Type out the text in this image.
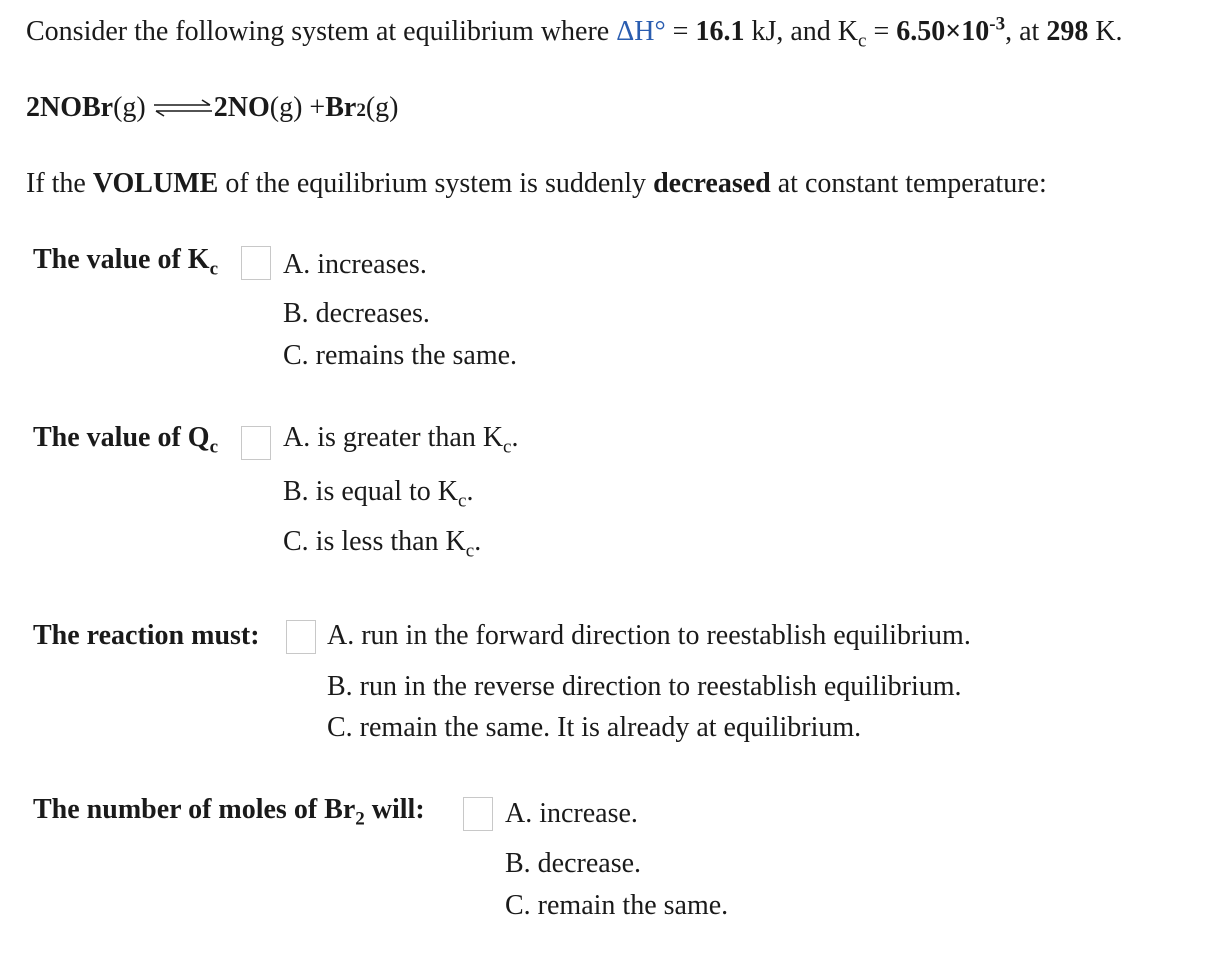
Consider the following system at equilibrium where ΔH° = 16.1 kJ, and $K_c = 6.50\times 10^{-3}$, at 298 K.
2NOBr (g) ⇌ 2NO (g) + Br 2 (g)
If the VOLUME of the equilibrium system is suddenly decreased at constant temperature:
The value of $K_c$ A. increases.
B. decreases.
C. remains the same.
The value of $Q_c$ A. is greater than $K_c$.
B. is equal to $K_c$.
C. is less than $K_c$.
The reaction must: A. run in the forward direction to reestablish equilibrium.
B. run in the reverse direction to reestablish equilibrium.
C. remain the same. It is already at equilibrium.
The number of moles of $Br_2$ will:	A. increase.
B. decrease.
C. remain the same.
